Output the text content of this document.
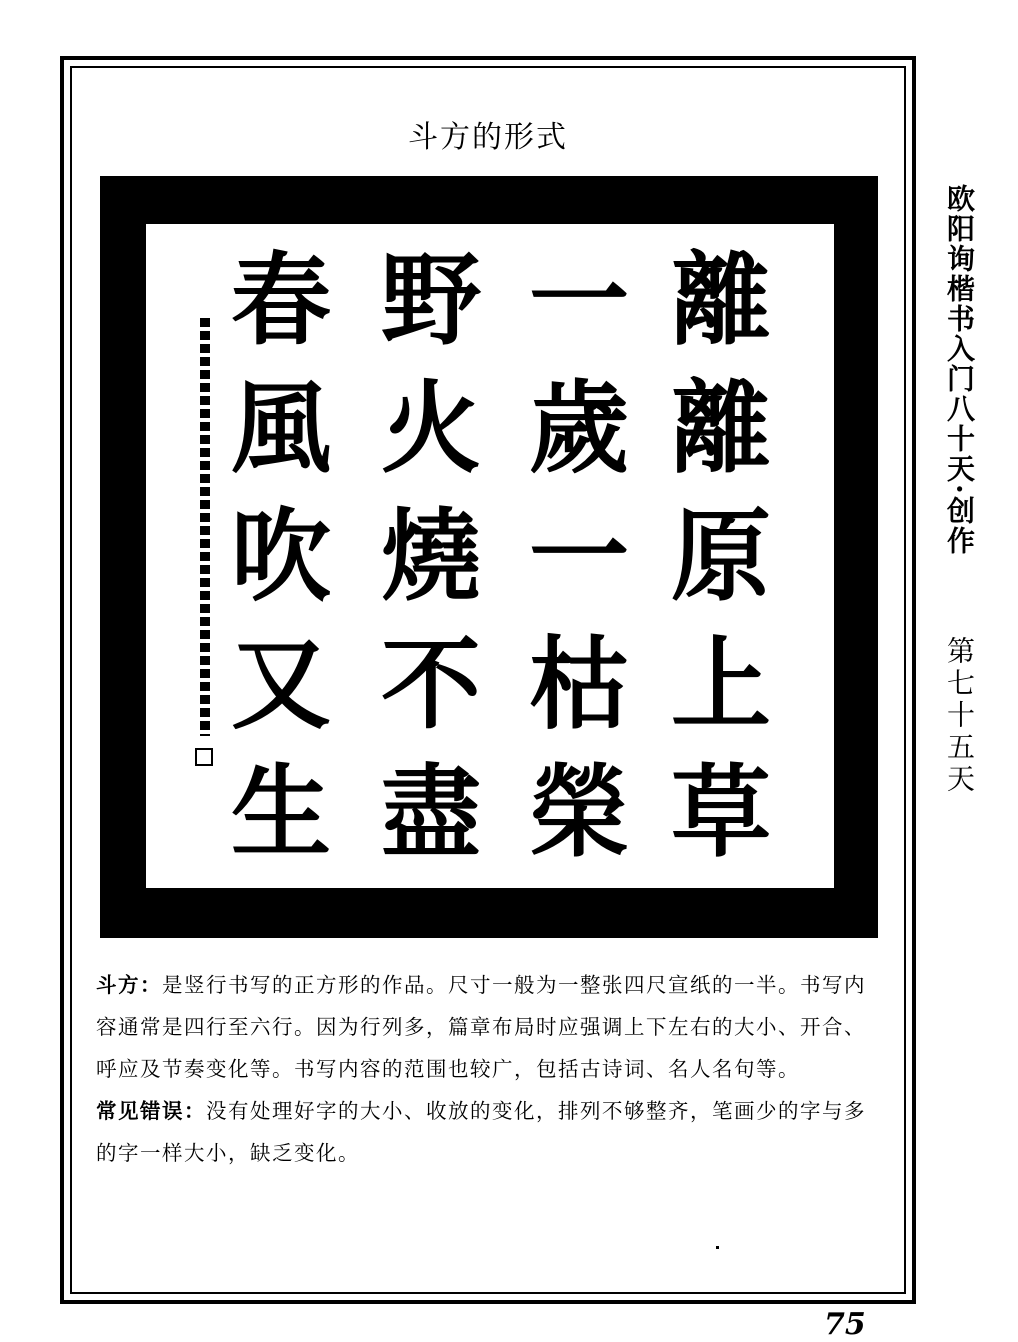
斗方的形式
離
離
原
上
草
一
歲
一
枯
榮
野
火
燒
不
盡
春
風
吹
又
生

斗方：是竖行书写的正方形的作品。尺寸一般为一整张四尺宣纸的一半。书写内容通常是四行至六行。因为行列多，篇章布局时应强调上下左右的大小、开合、呼应及节奏变化等。书写内容的范围也较广，包括古诗词、名人名句等。

常见错误：没有处理好字的大小、收放的变化，排列不够整齐，笔画少的字与多的字一样大小，缺乏变化。

欧阳询楷书入门八十天·创作
第七十五天
75
